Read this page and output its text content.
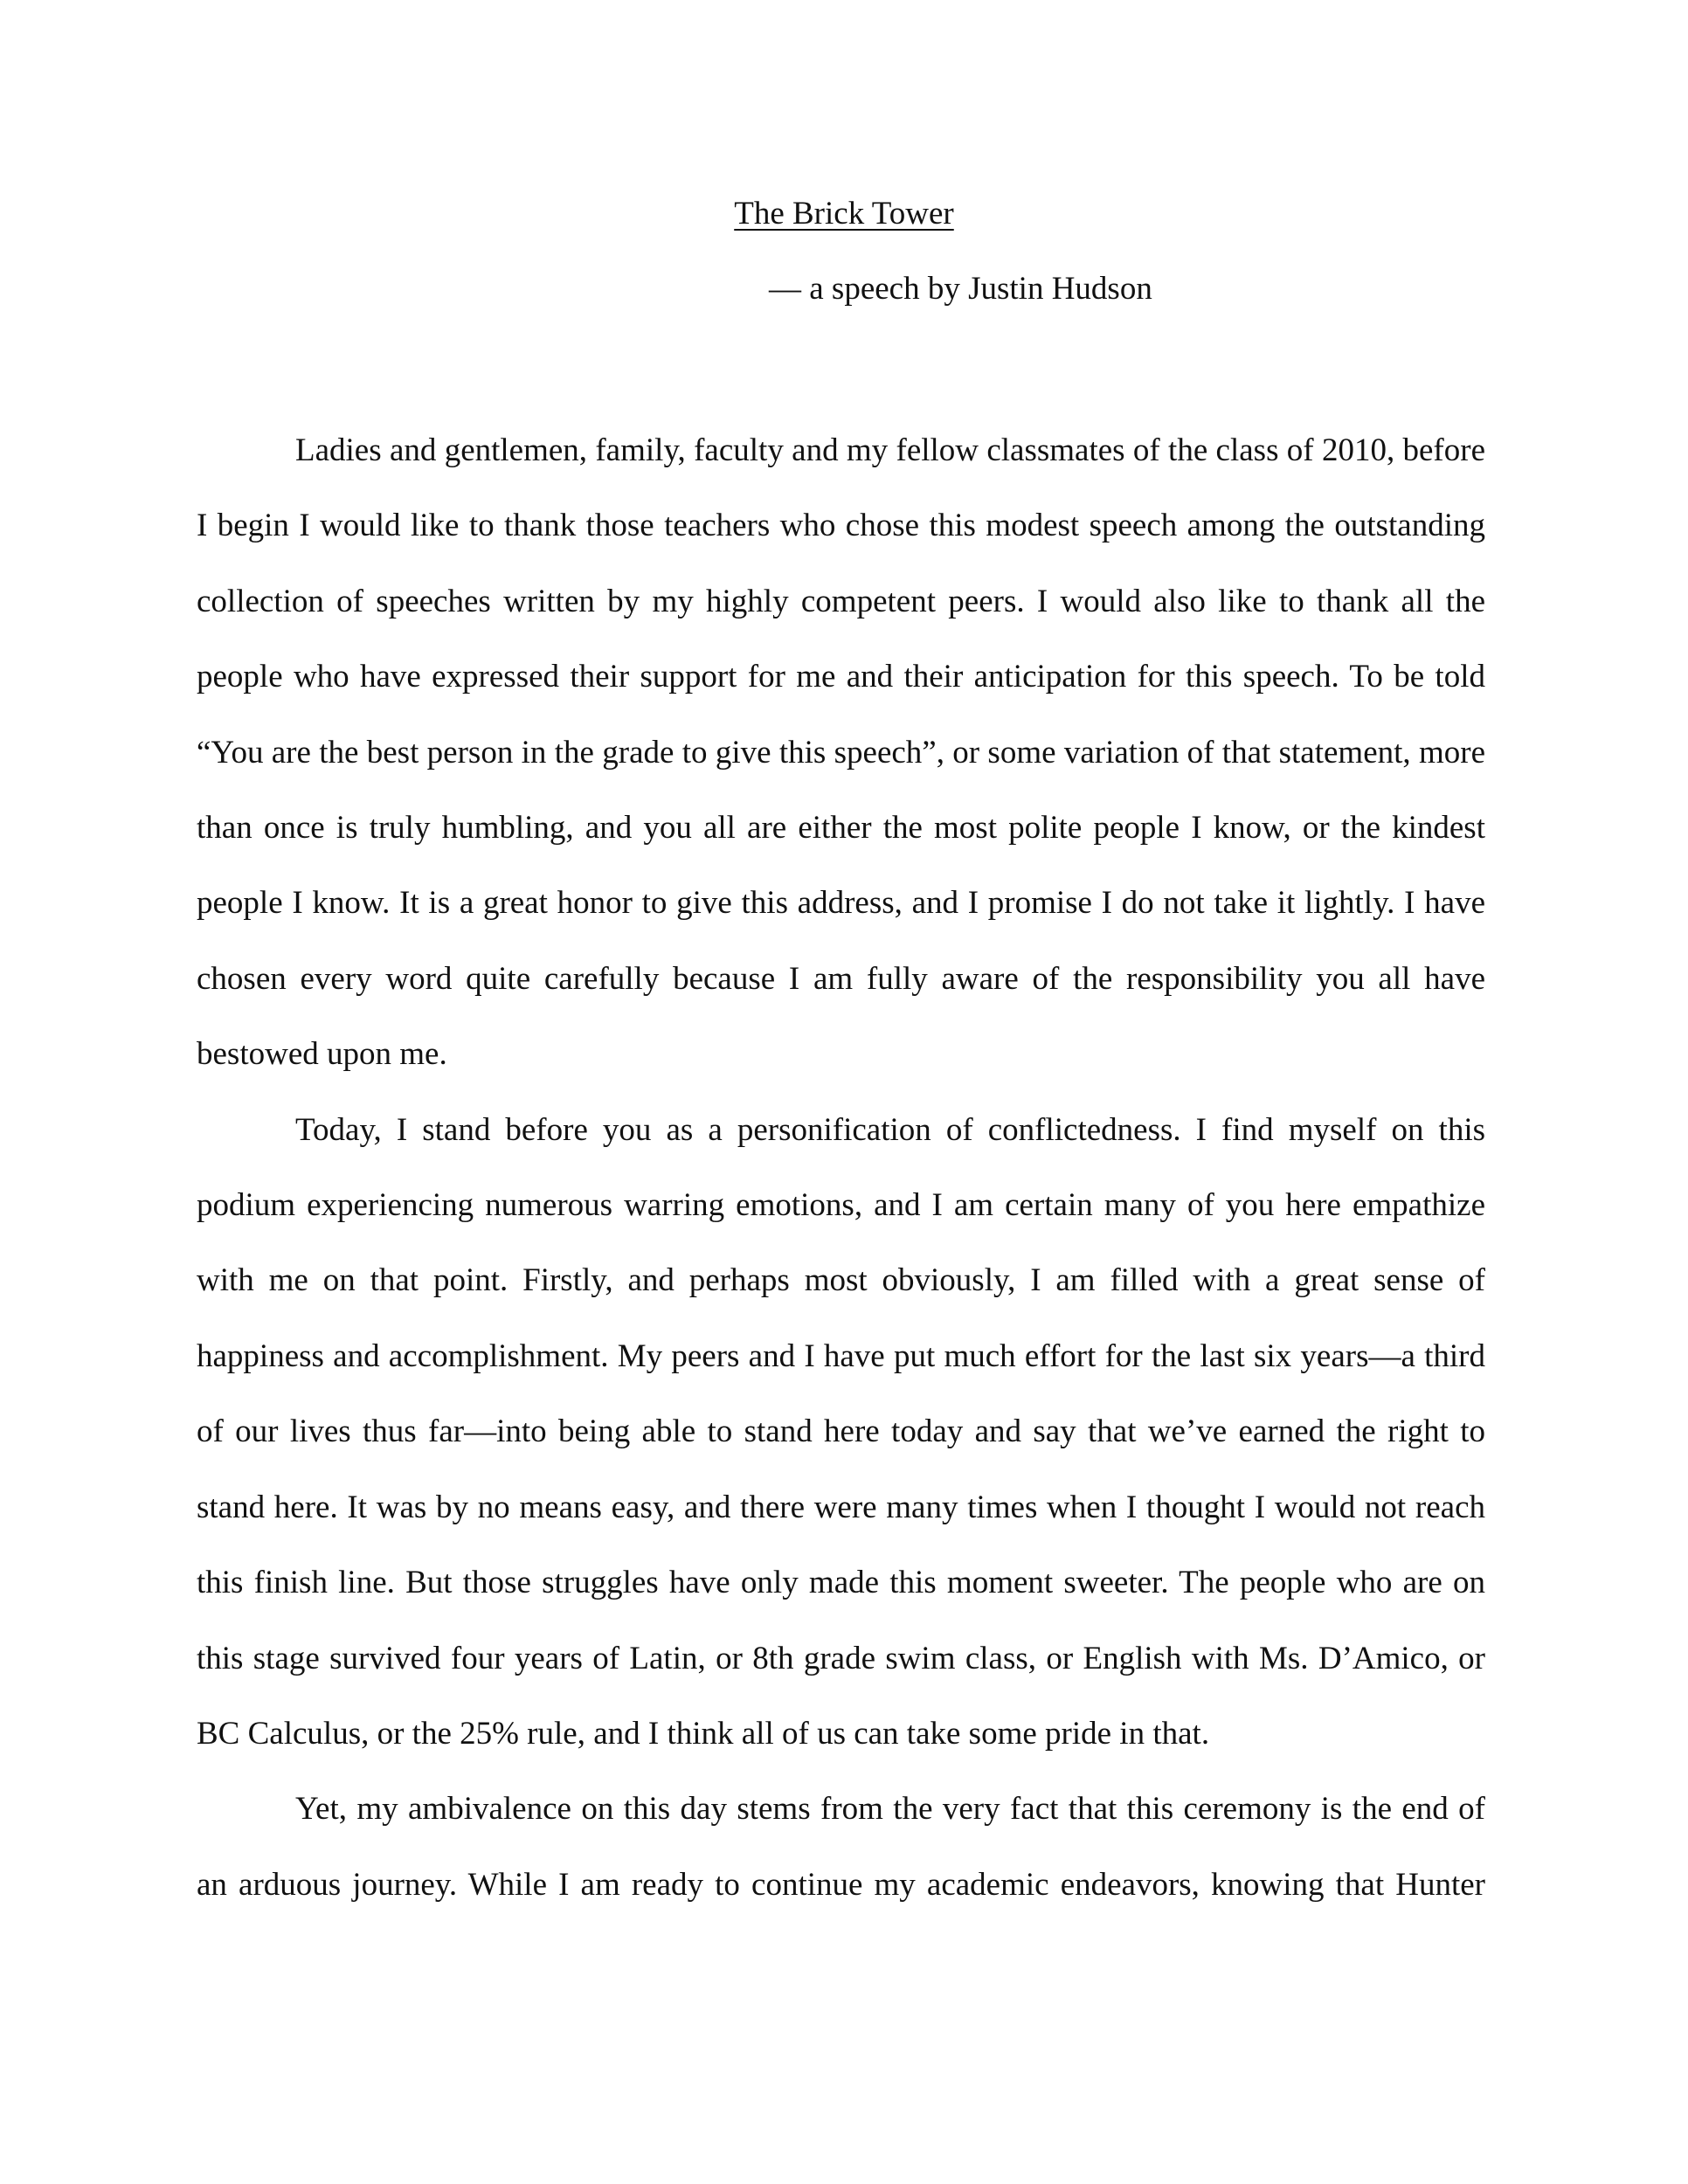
The Brick Tower
— a speech by Justin Hudson

Ladies and gentlemen, family, faculty and my fellow classmates of the class of 2010, before I begin I would like to thank those teachers who chose this modest speech among the outstanding collection of speeches written by my highly competent peers. I would also like to thank all the people who have expressed their support for me and their anticipation for this speech. To be told “You are the best person in the grade to give this speech”, or some variation of that statement, more than once is truly humbling, and you all are either the most polite people I know, or the kindest people I know. It is a great honor to give this address, and I promise I do not take it lightly. I have chosen every word quite carefully because I am fully aware of the responsibility you all have bestowed upon me.

Today, I stand before you as a personification of conflictedness. I find myself on this podium experiencing numerous warring emotions, and I am certain many of you here empathize with me on that point. Firstly, and perhaps most obviously, I am filled with a great sense of happiness and accomplishment. My peers and I have put much effort for the last six years—a third of our lives thus far—into being able to stand here today and say that we’ve earned the right to stand here. It was by no means easy, and there were many times when I thought I would not reach this finish line. But those struggles have only made this moment sweeter. The people who are on this stage survived four years of Latin, or 8th grade swim class, or English with Ms. D’Amico, or BC Calculus, or the 25% rule, and I think all of us can take some pride in that.

Yet, my ambivalence on this day stems from the very fact that this ceremony is the end of an arduous journey. While I am ready to continue my academic endeavors, knowing that Hunter
